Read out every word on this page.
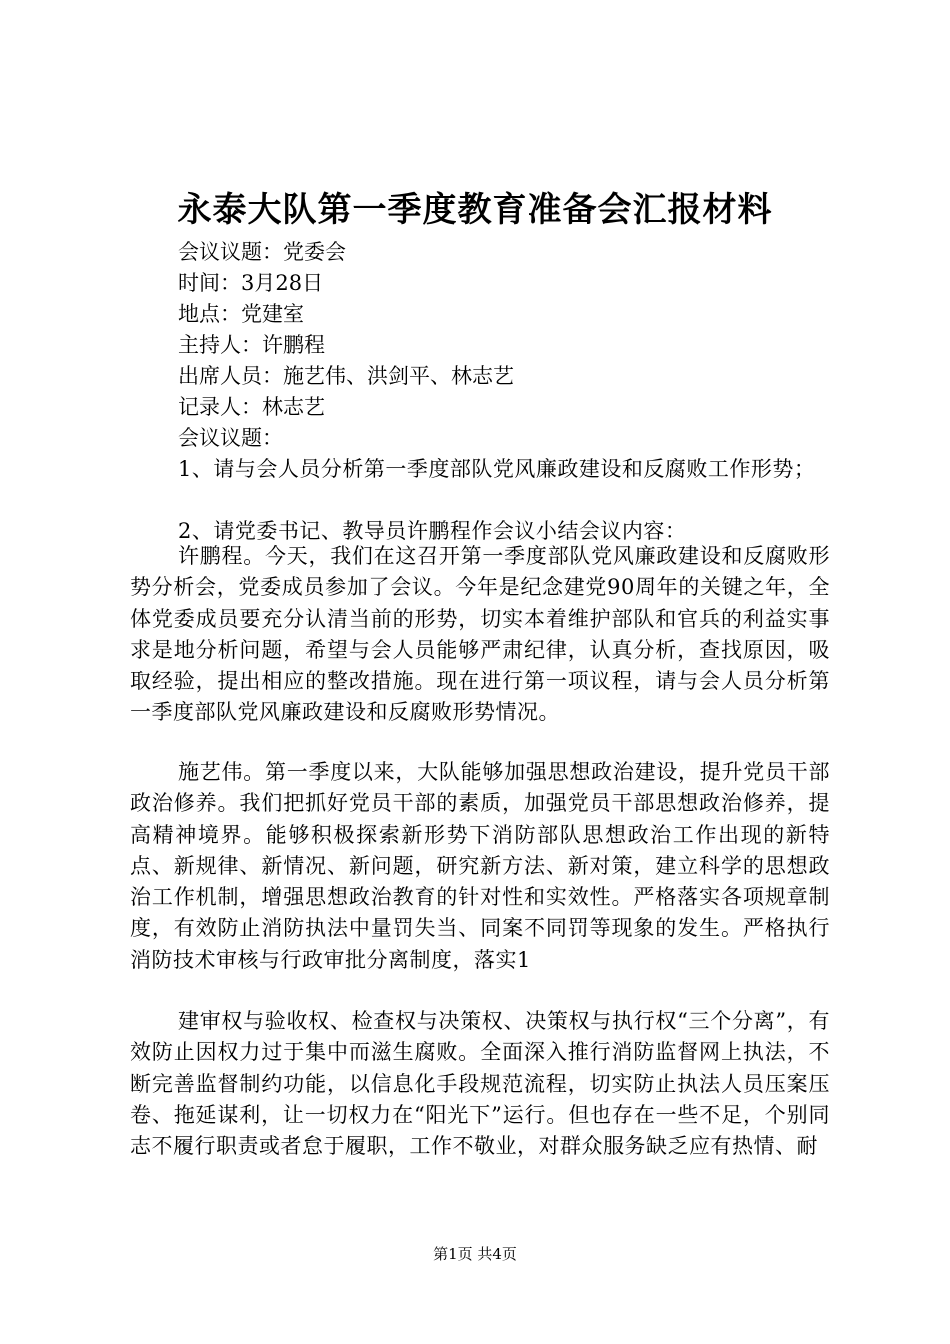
永泰大队第一季度教育准备会汇报材料
会议议题：党委会
时间：3月28日
地点：党建室
主持人：许鹏程
出席人员：施艺伟、洪剑平、林志艺
记录人：林志艺
会议议题：
1、请与会人员分析第一季度部队党风廉政建设和反腐败工作形势；
2、请党委书记、教导员许鹏程作会议小结会议内容：
许鹏程。今天，我们在这召开第一季度部队党风廉政建设和反腐败形势分析会，党委成员参加了会议。今年是纪念建党90周年的关键之年，全体党委成员要充分认清当前的形势，切实本着维护部队和官兵的利益实事求是地分析问题，希望与会人员能够严肃纪律，认真分析，查找原因，吸取经验，提出相应的整改措施。现在进行第一项议程，请与会人员分析第一季度部队党风廉政建设和反腐败形势情况。
施艺伟。第一季度以来，大队能够加强思想政治建设，提升党员干部政治修养。我们把抓好党员干部的素质，加强党员干部思想政治修养，提高精神境界。能够积极探索新形势下消防部队思想政治工作出现的新特点、新规律、新情况、新问题，研究新方法、新对策，建立科学的思想政治工作机制，增强思想政治教育的针对性和实效性。严格落实各项规章制度，有效防止消防执法中量罚失当、同案不同罚等现象的发生。严格执行消防技术审核与行政审批分离制度，落实1
建审权与验收权、检查权与决策权、决策权与执行权“三个分离”，有效防止因权力过于集中而滋生腐败。全面深入推行消防监督网上执法，不断完善监督制约功能，以信息化手段规范流程，切实防止执法人员压案压卷、拖延谋利，让一切权力在“阳光下”运行。但也存在一些不足，个别同志不履行职责或者怠于履职，工作不敬业，对群众服务缺乏应有热情、耐
第1页 共4页
